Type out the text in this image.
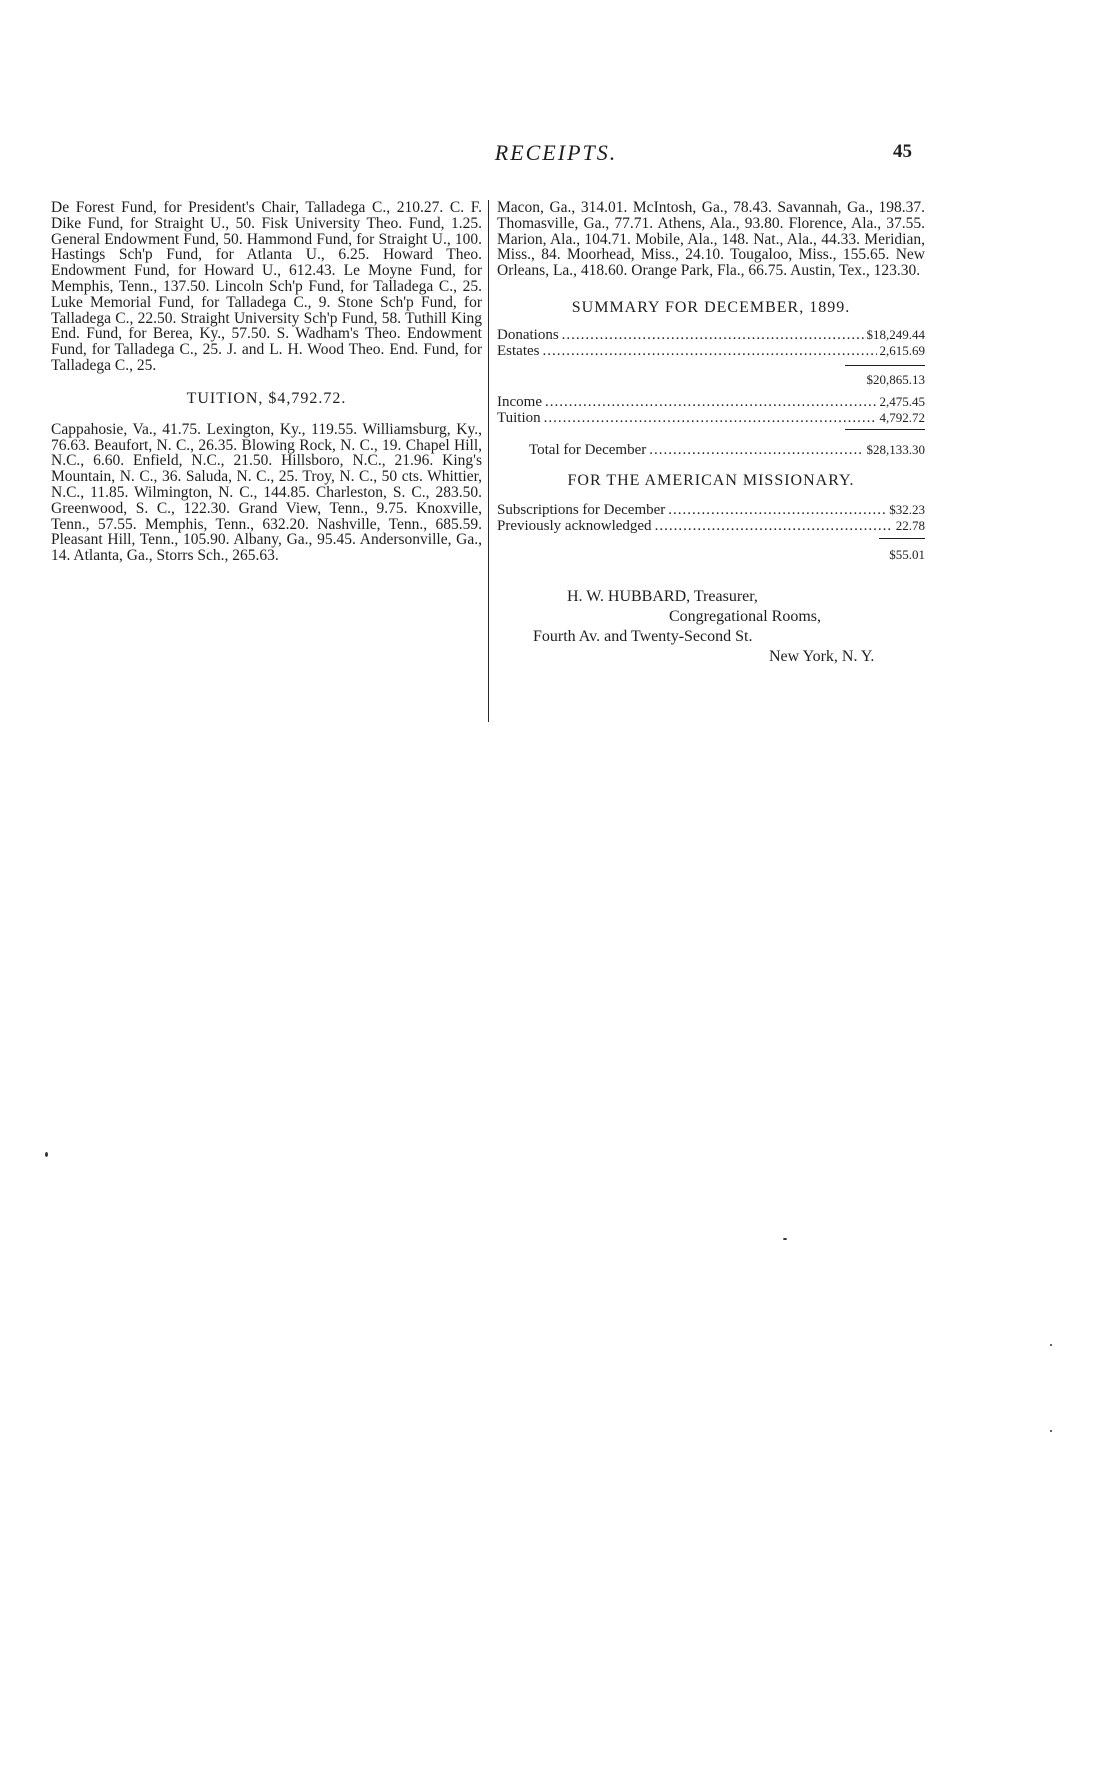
RECEIPTS.	45

De Forest Fund, for President's Chair, Talladega C., 210.27. C. F. Dike Fund, for Straight U., 50. Fisk University Theo. Fund, 1.25. General Endowment Fund, 50. Hammond Fund, for Straight U., 100. Hastings Sch'p Fund, for Atlanta U., 6.25. Howard Theo. Endowment Fund, for Howard U., 612.43. Le Moyne Fund, for Memphis, Tenn., 137.50. Lincoln Sch'p Fund, for Talladega C., 25. Luke Memorial Fund, for Talladega C., 9. Stone Sch'p Fund, for Talladega C., 22.50. Straight University Sch'p Fund, 58. Tuthill King End. Fund, for Berea, Ky., 57.50. S. Wadham's Theo. Endowment Fund, for Talladega C., 25. J. and L. H. Wood Theo. End. Fund, for Talladega C., 25.

TUITION, $4,792.72.

Cappahosie, Va., 41.75. Lexington, Ky., 119.55. Williamsburg, Ky., 76.63. Beaufort, N. C., 26.35. Blowing Rock, N. C., 19. Chapel Hill, N.C., 6.60. Enfield, N.C., 21.50. Hillsboro, N.C., 21.96. King's Mountain, N. C., 36. Saluda, N. C., 25. Troy, N. C., 50 cts. Whittier, N.C., 11.85. Wilmington, N. C., 144.85. Charleston, S. C., 283.50. Greenwood, S. C., 122.30. Grand View, Tenn., 9.75. Knoxville, Tenn., 57.55. Memphis, Tenn., 632.20. Nashville, Tenn., 685.59. Pleasant Hill, Tenn., 105.90. Albany, Ga., 95.45. Andersonville, Ga., 14. Atlanta, Ga., Storrs Sch., 265.63.

Macon, Ga., 314.01. McIntosh, Ga., 78.43. Savannah, Ga., 198.37. Thomasville, Ga., 77.71. Athens, Ala., 93.80. Florence, Ala., 37.55. Marion, Ala., 104.71. Mobile, Ala., 148. Nat., Ala., 44.33. Meridian, Miss., 84. Moorhead, Miss., 24.10. Tougaloo, Miss., 155.65. New Orleans, La., 418.60. Orange Park, Fla., 66.75. Austin, Tex., 123.30.

SUMMARY FOR DECEMBER, 1899.

Donations .....	$18,249.44
Estates .....	2,615.69
$20,865.13
Income .....	2,475.45
Tuition .....	4,792.72
Total for December .....	$28,133.30

FOR THE AMERICAN MISSIONARY.

Subscriptions for December .....	$32.23
Previously acknowledged .....	22.78
$55.01

H. W. HUBBARD, Treasurer,

Congregational Rooms,

Fourth Av. and Twenty-Second St.

New York, N. Y.
